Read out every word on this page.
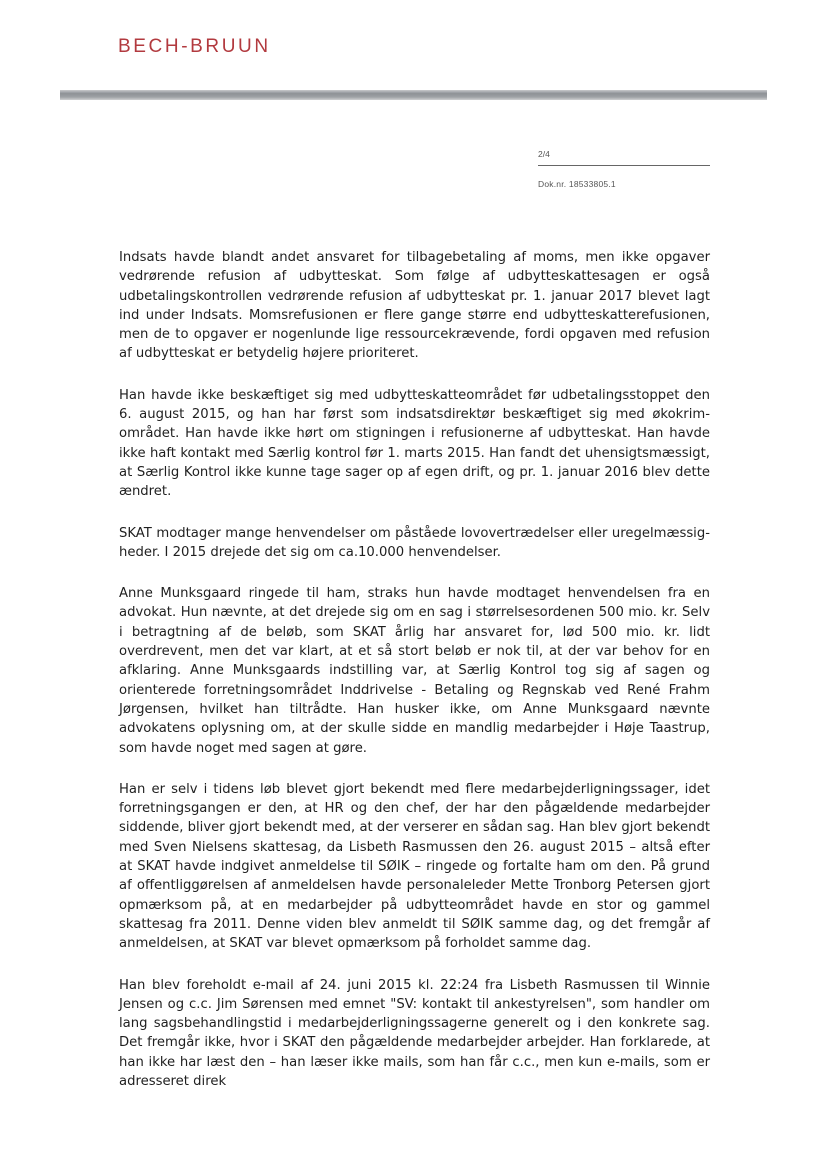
BECH-BRUUN
2/4
Dok.nr. 18533805.1

Indsats havde blandt andet ansvaret for tilbagebetaling af moms, men ikke opgaver vedrørende refusion af udbytteskat. Som følge af udbytteskattesagen er også udbetalingskontrollen vedrørende refusion af udbytteskat pr. 1. januar 2017 blevet lagt ind under Indsats. Momsrefusionen er flere gange større end udbytteskatterefusionen, men de to opgaver er nogenlunde lige ressourcekrævende, fordi opgaven med refusion af udbytteskat er betydelig højere prioriteret.

Han havde ikke beskæftiget sig med udbytteskatteområdet før udbetalingsstoppet den 6. august 2015, og han har først som indsatsdirektør beskæftiget sig med økokrim-området. Han havde ikke hørt om stigningen i refusionerne af udbytteskat. Han havde ikke haft kontakt med Særlig kontrol før 1. marts 2015. Han fandt det uhensigtsmæssigt, at Særlig Kontrol ikke kunne tage sager op af egen drift, og pr. 1. januar 2016 blev dette ændret.

SKAT modtager mange henvendelser om påståede lovovertrædelser eller uregelmæssigheder. I 2015 drejede det sig om ca.10.000 henvendelser.

Anne Munksgaard ringede til ham, straks hun havde modtaget henvendelsen fra en advokat. Hun nævnte, at det drejede sig om en sag i størrelsesordenen 500 mio. kr. Selv i betragtning af de beløb, som SKAT årlig har ansvaret for, lød 500 mio. kr. lidt overdrevent, men det var klart, at et så stort beløb er nok til, at der var behov for en afklaring. Anne Munksgaards indstilling var, at Særlig Kontrol tog sig af sagen og orienterede forretningsområdet Inddrivelse - Betaling og Regnskab ved René Frahm Jørgensen, hvilket han tiltrådte. Han husker ikke, om Anne Munksgaard nævnte advokatens oplysning om, at der skulle sidde en mandlig medarbejder i Høje Taastrup, som havde noget med sagen at gøre.

Han er selv i tidens løb blevet gjort bekendt med flere medarbejderligningssager, idet forretningsgangen er den, at HR og den chef, der har den pågældende medarbejder siddende, bliver gjort bekendt med, at der verserer en sådan sag. Han blev gjort bekendt med Sven Nielsens skattesag, da Lisbeth Rasmussen den 26. august 2015 – altså efter at SKAT havde indgivet anmeldelse til SØIK – ringede og fortalte ham om den. På grund af offentliggørelsen af anmeldelsen havde personaleleder Mette Tronborg Petersen gjort opmærksom på, at en medarbejder på udbytteområdet havde en stor og gammel skattesag fra 2011. Denne viden blev anmeldt til SØIK samme dag, og det fremgår af anmeldelsen, at SKAT var blevet opmærksom på forholdet samme dag.

Han blev foreholdt e-mail af 24. juni 2015 kl. 22:24 fra Lisbeth Rasmussen til Winnie Jensen og c.c. Jim Sørensen med emnet "SV: kontakt til ankestyrelsen", som handler om lang sagsbehandlingstid i medarbejderligningssagerne generelt og i den konkrete sag. Det fremgår ikke, hvor i SKAT den pågældende medarbejder arbejder. Han forklarede, at han ikke har læst den – han læser ikke mails, som han får c.c., men kun e-mails, som er adresseret direk
